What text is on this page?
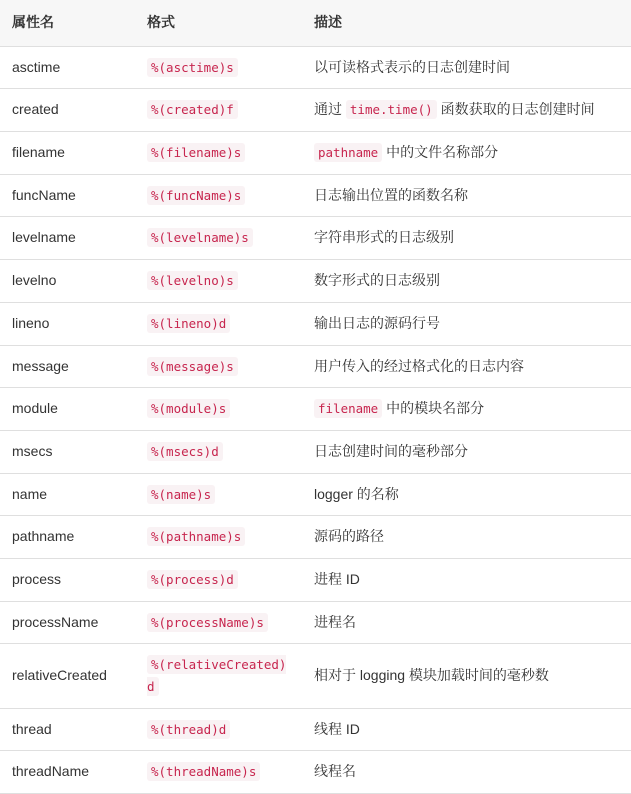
属性名	格式	描述
asctime	%(asctime)s	以可读格式表示的日志创建时间
created	%(created)f	通过 time.time() 函数获取的日志创建时间
filename	%(filename)s	pathname 中的文件名称部分
funcName	%(funcName)s	日志输出位置的函数名称
levelname	%(levelname)s	字符串形式的日志级别
levelno	%(levelno)s	数字形式的日志级别
lineno	%(lineno)d	输出日志的源码行号
message	%(message)s	用户传入的经过格式化的日志内容
module	%(module)s	filename 中的模块名部分
msecs	%(msecs)d	日志创建时间的毫秒部分
name	%(name)s	logger 的名称
pathname	%(pathname)s	源码的路径
process	%(process)d	进程 ID
processName	%(processName)s	进程名
relativeCreated	%(relativeCreated)d	相对于 logging 模块加载时间的毫秒数
thread	%(thread)d	线程 ID
threadName	%(threadName)s	线程名
